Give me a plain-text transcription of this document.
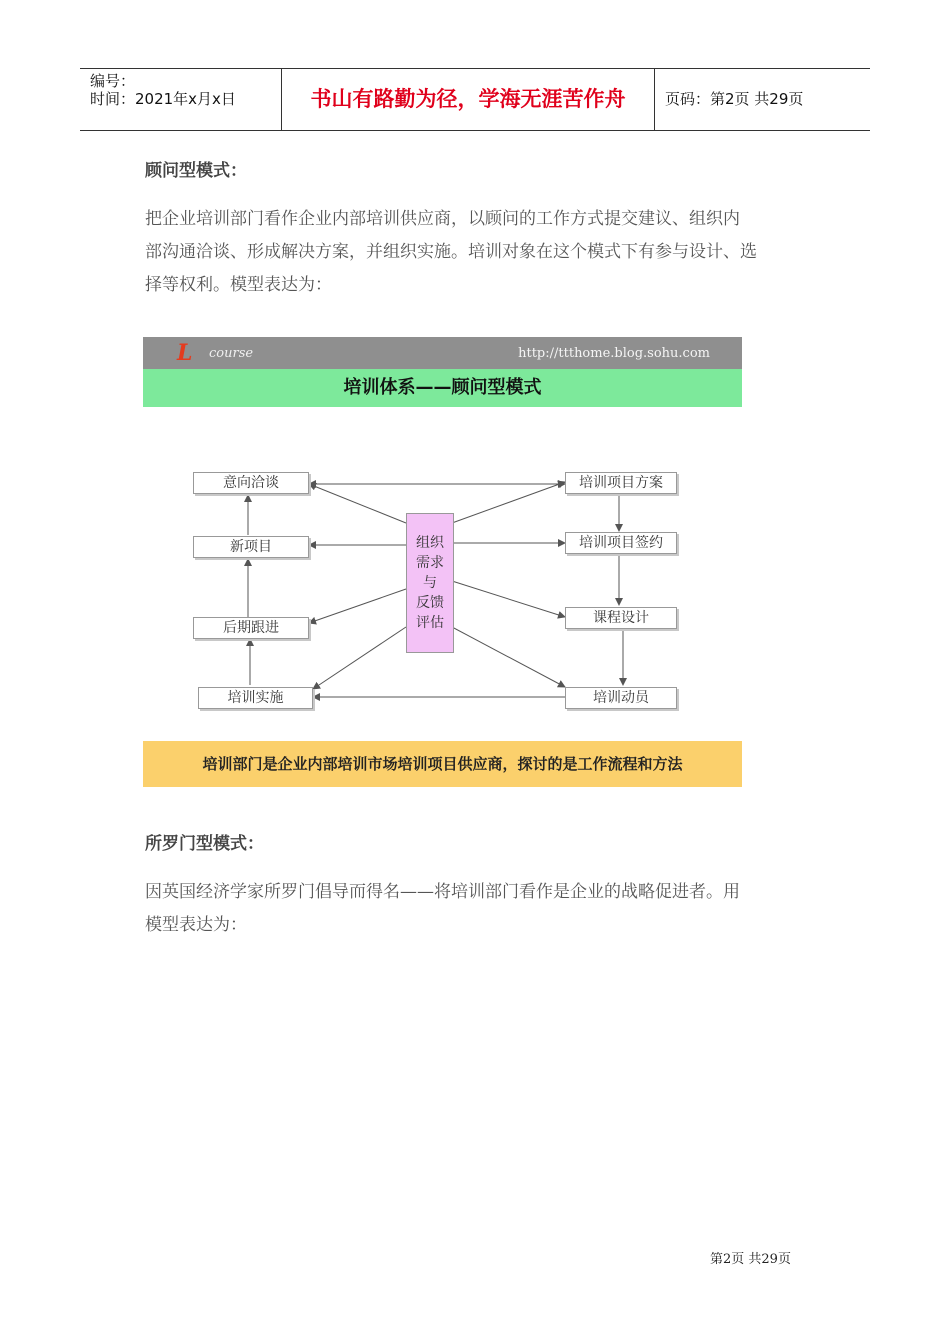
编号：
时间：2021年x月x日	书山有路勤为径，学海无涯苦作舟	页码：第2页 共29页
顾问型模式：
把企业培训部门看作企业内部培训供应商，以顾问的工作方式提交建议、组织内
部沟通洽谈、形成解决方案，并组织实施。培训对象在这个模式下有参与设计、选
择等权利。模型表达为：
L course	http://ttthome.blog.sohu.com
培训体系——顾问型模式
意向洽谈
新项目
后期跟进
培训实施
培训项目方案
培训项目签约
课程设计
培训动员
组织
需求
与
反馈
评估
培训部门是企业内部培训市场培训项目供应商，探讨的是工作流程和方法
所罗门型模式：
因英国经济学家所罗门倡导而得名——将培训部门看作是企业的战略促进者。用
模型表达为：
第2页 共29页
